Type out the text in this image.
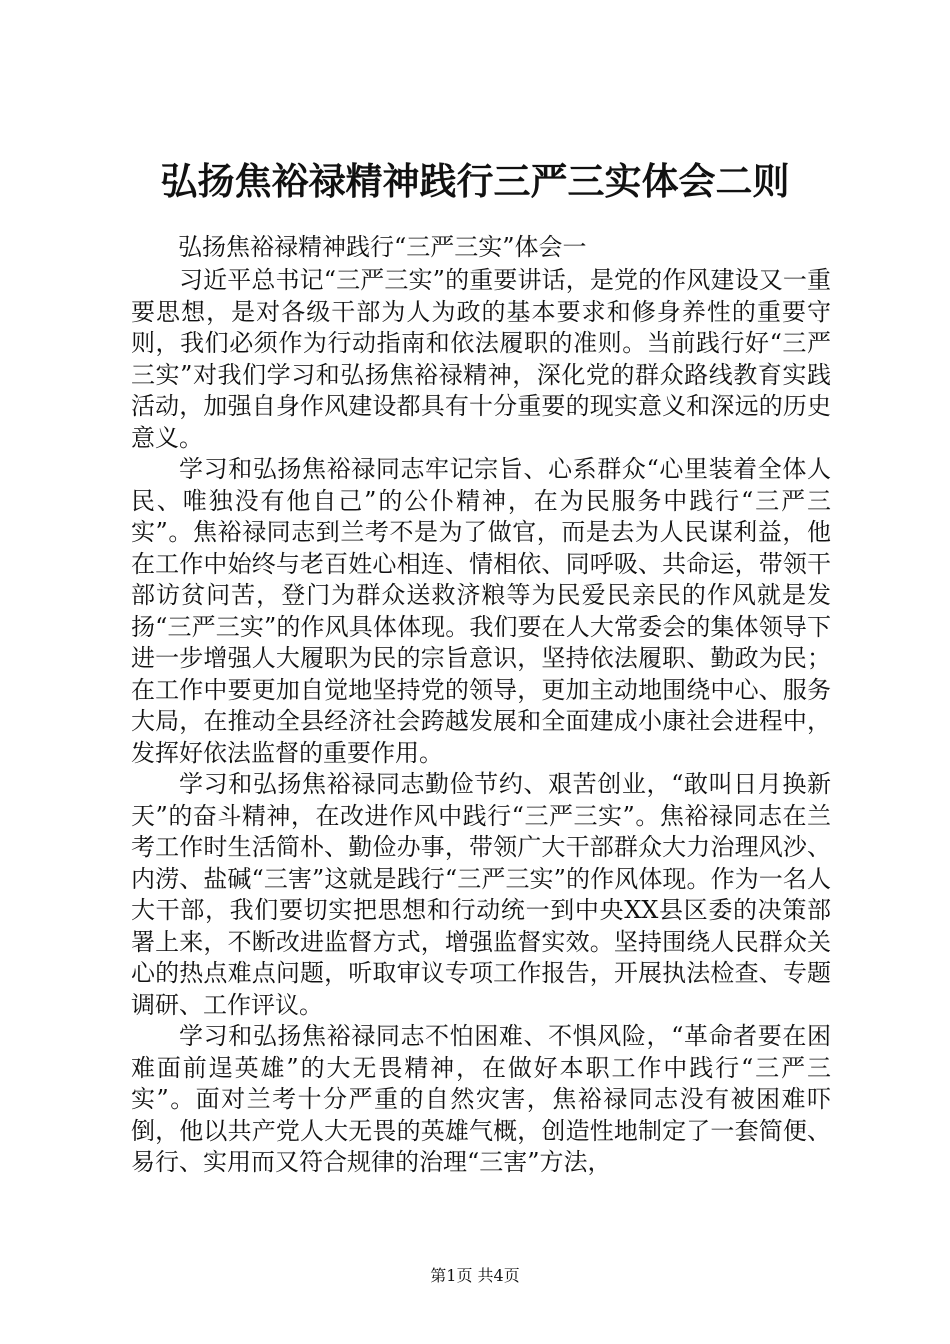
弘扬焦裕禄精神践行三严三实体会二则

弘扬焦裕禄精神践行“三严三实”体会一

习近平总书记“三严三实”的重要讲话，是党的作风建设又一重要思想，是对各级干部为人为政的基本要求和修身养性的重要守则，我们必须作为行动指南和依法履职的准则。当前践行好“三严三实”对我们学习和弘扬焦裕禄精神，深化党的群众路线教育实践活动，加强自身作风建设都具有十分重要的现实意义和深远的历史意义。

学习和弘扬焦裕禄同志牢记宗旨、心系群众“心里装着全体人民、唯独没有他自己”的公仆精神，在为民服务中践行“三严三实”。焦裕禄同志到兰考不是为了做官，而是去为人民谋利益，他在工作中始终与老百姓心相连、情相依、同呼吸、共命运，带领干部访贫问苦，登门为群众送救济粮等为民爱民亲民的作风就是发扬“三严三实”的作风具体体现。我们要在人大常委会的集体领导下进一步增强人大履职为民的宗旨意识，坚持依法履职、勤政为民；在工作中要更加自觉地坚持党的领导，更加主动地围绕中心、服务大局，在推动全县经济社会跨越发展和全面建成小康社会进程中，发挥好依法监督的重要作用。

学习和弘扬焦裕禄同志勤俭节约、艰苦创业，“敢叫日月换新天”的奋斗精神，在改进作风中践行“三严三实”。焦裕禄同志在兰考工作时生活简朴、勤俭办事，带领广大干部群众大力治理风沙、内涝、盐碱“三害”这就是践行“三严三实”的作风体现。作为一名人大干部，我们要切实把思想和行动统一到中央XX县区委的决策部署上来，不断改进监督方式，增强监督实效。坚持围绕人民群众关心的热点难点问题，听取审议专项工作报告，开展执法检查、专题调研、工作评议。

学习和弘扬焦裕禄同志不怕困难、不惧风险，“革命者要在困难面前逞英雄”的大无畏精神，在做好本职工作中践行“三严三实”。面对兰考十分严重的自然灾害，焦裕禄同志没有被困难吓倒，他以共产党人大无畏的英雄气概，创造性地制定了一套简便、易行、实用而又符合规律的治理“三害”方法，

第1页 共4页
